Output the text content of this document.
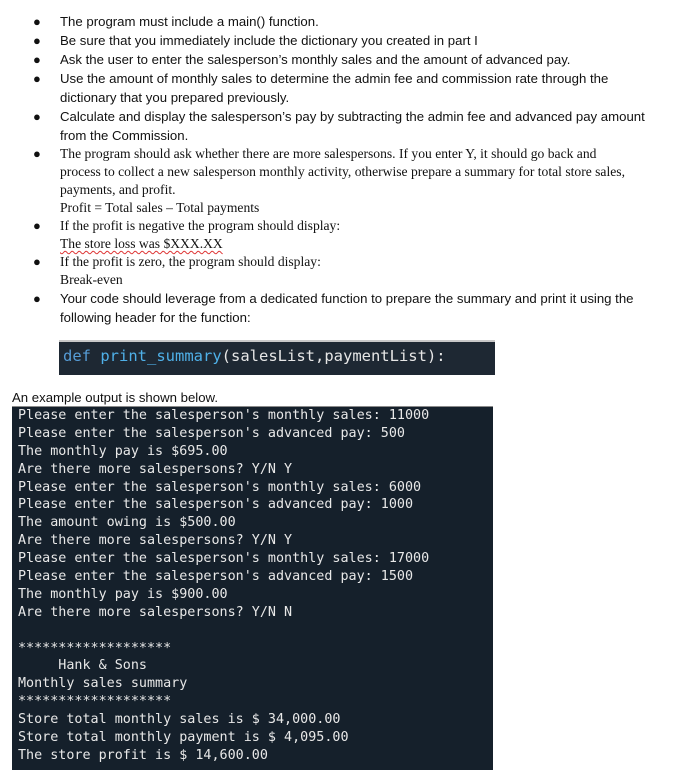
● The program must include a main() function.
● Be sure that you immediately include the dictionary you created in part I
● Ask the user to enter the salesperson’s monthly sales and the amount of advanced pay.
● Use the amount of monthly sales to determine the admin fee and commission rate through the
dictionary that you prepared previously.
● Calculate and display the salesperson’s pay by subtracting the admin fee and advanced pay amount
from the Commission.
● The program should ask whether there are more salespersons. If you enter Y, it should go back and
process to collect a new salesperson monthly activity, otherwise prepare a summary for total store sales,
payments, and profit.
Profit = Total sales – Total payments
● If the profit is negative the program should display:
The store loss was $XXX.XX
● If the profit is zero, the program should display:
Break-even
● Your code should leverage from a dedicated function to prepare the summary and print it using the
following header for the function:
def print_summary(salesList,paymentList):
An example output is shown below.
Please enter the salesperson's monthly sales: 11000
Please enter the salesperson's advanced pay: 500
The monthly pay is $695.00
Are there more salespersons? Y/N Y
Please enter the salesperson's monthly sales: 6000
Please enter the salesperson's advanced pay: 1000
The amount owing is $500.00
Are there more salespersons? Y/N Y
Please enter the salesperson's monthly sales: 17000
Please enter the salesperson's advanced pay: 1500
The monthly pay is $900.00
Are there more salespersons? Y/N N
*******************
Hank & Sons
Monthly sales summary
*******************
Store total monthly sales is $ 34,000.00
Store total monthly payment is $ 4,095.00
The store profit is $ 14,600.00
